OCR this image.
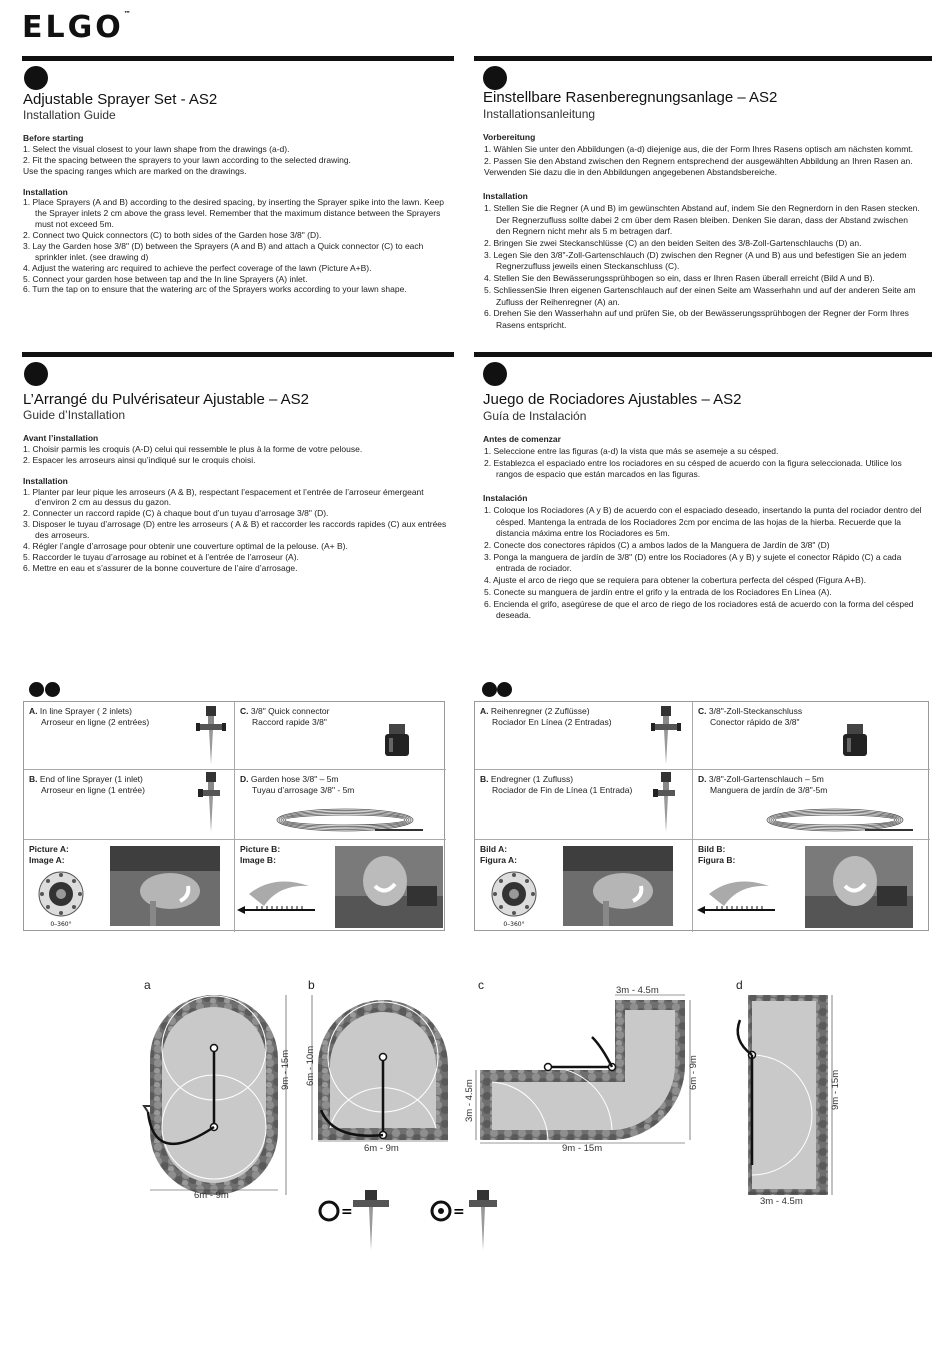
ELGO™
Adjustable Sprayer Set - AS2
Installation Guide
Before starting
1. Select the visual closest to your lawn shape from the drawings (a-d).
2. Fit the spacing between the sprayers to your lawn according to the selected drawing.
Use the spacing ranges which are marked on the drawings.
Installation
1. Place Sprayers (A and B) according to the desired spacing, by inserting the Sprayer spike into the lawn. Keep the Sprayer inlets 2 cm above the grass level. Remember that the maximum distance between the Sprayers must not exceed 5m.
2. Connect two Quick connectors (C) to both sides of the Garden hose 3/8" (D).
3. Lay the Garden hose 3/8" (D) between the Sprayers (A and B) and attach a Quick connector (C) to each sprinkler inlet. (see drawing d)
4. Adjust the watering arc required to achieve the perfect coverage of the lawn (Picture A+B).
5. Connect your garden hose between tap and the In line Sprayers (A) inlet.
6. Turn the tap on to ensure that the watering arc of the Sprayers works according to your lawn shape.
Einstellbare Rasenberegnungsanlage – AS2
Installationsanleitung
Vorbereitung
1. Wählen Sie unter den Abbildungen (a-d) diejenige aus, die der Form Ihres Rasens optisch am nächsten kommt.
2. Passen Sie den Abstand zwischen den Regnern entsprechend der ausgewählten Abbildung an Ihren Rasen an.
Verwenden Sie dazu die in den Abbildungen angegebenen Abstandsbereiche.
Installation
1. Stellen Sie die Regner (A und B) im gewünschten Abstand auf, indem Sie den Regnerdorn in den Rasen stecken. Der Regnerzufluss sollte dabei 2 cm über dem Rasen bleiben. Denken Sie daran, dass der Abstand zwischen den Regnern nicht mehr als 5 m betragen darf.
2. Bringen Sie zwei Steckanschlüsse (C) an den beiden Seiten des 3/8-Zoll-Gartenschlauchs (D) an.
3. Legen Sie den 3/8"-Zoll-Gartenschlauch (D) zwischen den Regner (A und B) aus und befestigen Sie an jedem Regnerzufluss jeweils einen Steckanschluss (C).
4. Stellen Sie den Bewässerungssprühbogen so ein, dass er Ihren Rasen überall erreicht (Bild A und B).
5. SchliessenSie Ihren eigenen Gartenschlauch auf der einen Seite am Wasserhahn und auf der anderen Seite am Zufluss der Reihenregner (A) an.
6. Drehen Sie den Wasserhahn auf und prüfen Sie, ob der Bewässerungssprühbogen der Regner der Form Ihres Rasens entspricht.
L’Arrangé du Pulvérisateur Ajustable – AS2
Guide d’Installation
Avant l’installation
1. Choisir parmis les croquis (A-D) celui qui ressemble le plus à la forme de votre pelouse.
2. Espacer les arroseurs ainsi qu’indiqué sur le croquis choisi.
Installation
1. Planter par leur pique les arroseurs (A & B), respectant l’espacement et l’entrée de l’arroseur émergeant d’environ 2 cm au dessus du gazon.
2. Connecter un raccord rapide (C) à chaque bout d’un tuyau d’arrosage 3/8" (D).
3. Disposer le tuyau d’arrosage (D) entre les arroseurs ( A & B) et raccorder les raccords rapides (C) aux entrées des arroseurs.
4. Régler l’angle d’arrosage pour obtenir une couverture optimal de la pelouse. (A+ B).
5. Raccorder le tuyau d’arrosage au robinet et à l’entrée de l’arroseur (A).
6. Mettre en eau et s’assurer de la bonne couverture de l’aire d’arrosage.
Juego de Rociadores Ajustables – AS2
Guía de Instalación
Antes de comenzar
1. Seleccione entre las figuras (a-d) la vista que más se asemeje a su césped.
2. Establezca el espaciado entre los rociadores en su césped de acuerdo con la figura seleccionada. Utilice los rangos de espacio que están marcados en las figuras.
Instalación
1. Coloque los Rociadores (A y B) de acuerdo con el espaciado deseado, insertando la punta del rociador dentro del césped. Mantenga la entrada de los Rociadores 2cm por encima de las hojas de la hierba. Recuerde que la distancia máxima entre los Rociadores es 5m.
2. Conecte dos conectores rápidos (C) a ambos lados de la Manguera de Jardín de 3/8" (D)
3. Ponga la manguera de jardín de 3/8" (D) entre los Rociadores (A y B) y sujete el conector Rápido (C) a cada entrada de rociador.
4. Ajuste el arco de riego que se requiera para obtener la cobertura perfecta del césped (Figura A+B).
5. Conecte su manguera de jardín entre el grifo y la entrada de los Rociadores En Línea (A).
6. Encienda el grifo, asegúrese de que el arco de riego de los rociadores está de acuerdo con la forma del césped deseada.
A. In line Sprayer ( 2 inlets)
Arroseur en ligne (2 entrées)
C. 3/8" Quick connector
Raccord rapide 3/8"
B. End of line Sprayer (1 inlet)
Arroseur en ligne (1 entrée)
D. Garden hose 3/8" – 5m
Tuyau d’arrosage 3/8" - 5m
Picture A:
Image A:
0–360°
Picture B:
Image B:
A. Reihenregner (2 Zuflüsse)
Rociador En Línea (2 Entradas)
C. 3/8"-Zoll-Steckanschluss
Conector rápido de 3/8"
B. Endregner (1 Zufluss)
Rociador de Fin de Línea (1 Entrada)
D. 3/8"-Zoll-Gartenschlauch – 5m
Manguera de jardín de 3/8"-5m
Bild A:
Figura A:
0–360°
Bild B:
Figura B:
=	=
a	b	c	d
6m - 9m
9m - 15m
6m - 9m
6m - 10m
3m - 4.5m
3m - 4.5m
6m - 9m
9m - 15m
9m - 15m
3m - 4.5m
